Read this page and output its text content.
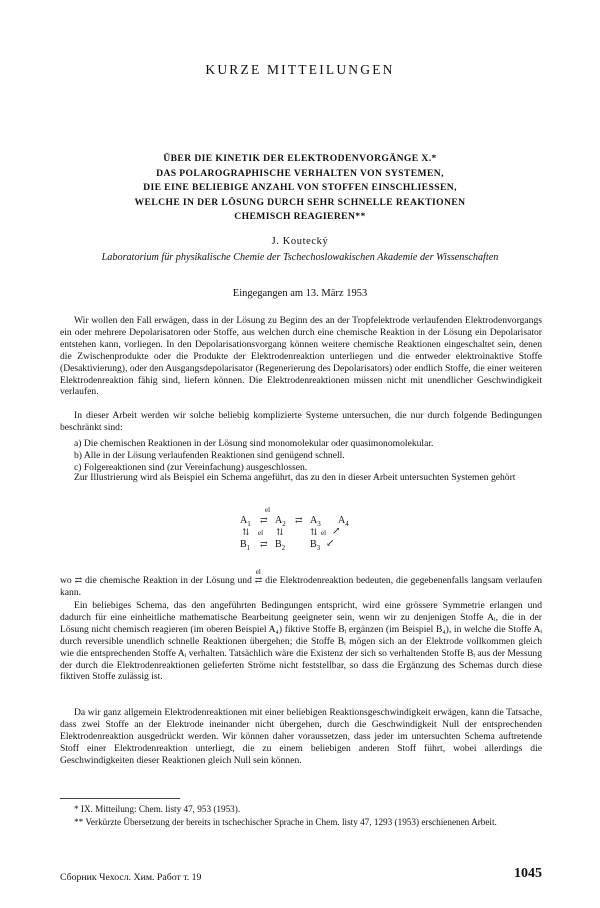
KURZE MITTEILUNGEN
ÜBER DIE KINETIK DER ELEKTRODENVORGÄNGE X.*
DAS POLAROGRAPHISCHE VERHALTEN VON SYSTEMEN,
DIE EINE BELIEBIGE ANZAHL VON STOFFEN EINSCHLIESSEN,
WELCHE IN DER LÖSUNG DURCH SEHR SCHNELLE REAKTIONEN
CHEMISCH REAGIEREN**
J. Koutecký
Laboratorium für physikalische Chemie der Tschechoslowakischen Akademie der Wissenschaften
Eingegangen am 13. März 1953

Wir wollen den Fall erwägen, dass in der Lösung zu Beginn des an der Tropfelektrode verlaufenden Elektrodenvorgangs ein oder mehrere Depolarisatoren oder Stoffe, aus welchen durch eine chemische Reaktion in der Lösung ein Depolarisator entstehen kann, vorliegen. In den Depolarisationsvorgang können weitere chemische Reaktionen eingeschaltet sein, denen die Zwischenprodukte oder die Produkte der Elektrodenreaktion unterliegen und die entweder elektroinaktive Stoffe (Desaktivierung), oder den Ausgangsdepolarisator (Regenerierung des Depolarisators) oder endlich Stoffe, die einer weiteren Elektrodenreaktion fähig sind, liefern können. Die Elektrodenreaktionen müssen nicht mit unendlicher Geschwindigkeit verlaufen.

In dieser Arbeit werden wir solche beliebig komplizierte Systeme untersuchen, die nur durch folgende Bedingungen beschränkt sind:

a) Die chemischen Reaktionen in der Lösung sind monomolekular oder quasimonomolekular.

b) Alle in der Lösung verlaufenden Reaktionen sind genügend schnell.

c) Folgereaktionen sind (zur Vereinfachung) ausgeschlossen.

Zur Illustrierung wird als Beispiel ein Schema angeführt, das zu den in dieser Arbeit untersuchten Systemen gehört

el
$A_1$ ⇄ $A_2$ ⇄ $A_3$ $A_4$
⇅ el ⇅	⇅ el ↗
$B_1$ ⇄ $B_2$ $B_3$ ↙

wo ⇄ die chemische Reaktion in der Lösung und
el
⇄ die Elektrodenreaktion bedeuten, die gegebenenfalls langsam verlaufen kann.

Ein beliebiges Schema, das den angeführten Bedingungen entspricht, wird eine grössere Symmetrie erlangen und dadurch für eine einheitliche mathematische Bearbeitung geeigneter sein, wenn wir zu denjenigen Stoffe Aᵢ, die in der Lösung nicht chemisch reagieren (im oberen Beispiel A₄) fiktive Stoffe Bᵢ ergänzen (im Beispiel B₄), in welche die Stoffe Aᵢ durch reversible unendlich schnelle Reaktionen übergehen; die Stoffe Bᵢ mögen sich an der Elektrode vollkommen gleich wie die entsprechenden Stoffe Aᵢ verhalten. Tatsächlich wäre die Existenz der sich so verhaltenden Stoffe Bᵢ aus der Messung der durch die Elektrodenreaktionen gelieferten Ströme nicht feststellbar, so dass die Ergänzung des Schemas durch diese fiktiven Stoffe zulässig ist.

Da wir ganz allgemein Elektrodenreaktionen mit einer beliebigen Reaktionsgeschwindigkeit erwägen, kann die Tatsache, dass zwei Stoffe an der Elektrode ineinander nicht übergehen, durch die Geschwindigkeit Null der entsprechenden Elektrodenreaktion ausgedrückt werden. Wir können daher voraussetzen, dass jeder im untersuchten Schema auftretende Stoff einer Elektrodenreaktion unterliegt, die zu einem beliebigen anderen Stoff führt, wobei allerdings die Geschwindigkeiten dieser Reaktionen gleich Null sein können.

* IX. Mitteilung: Chem. listy 47, 953 (1953).
** Verkürzte Übersetzung der bereits in tschechischer Sprache in Chem. listy 47, 1293 (1953) erschienenen Arbeit.
Сборник Чехосл. Хим. Работ т. 19	1045
